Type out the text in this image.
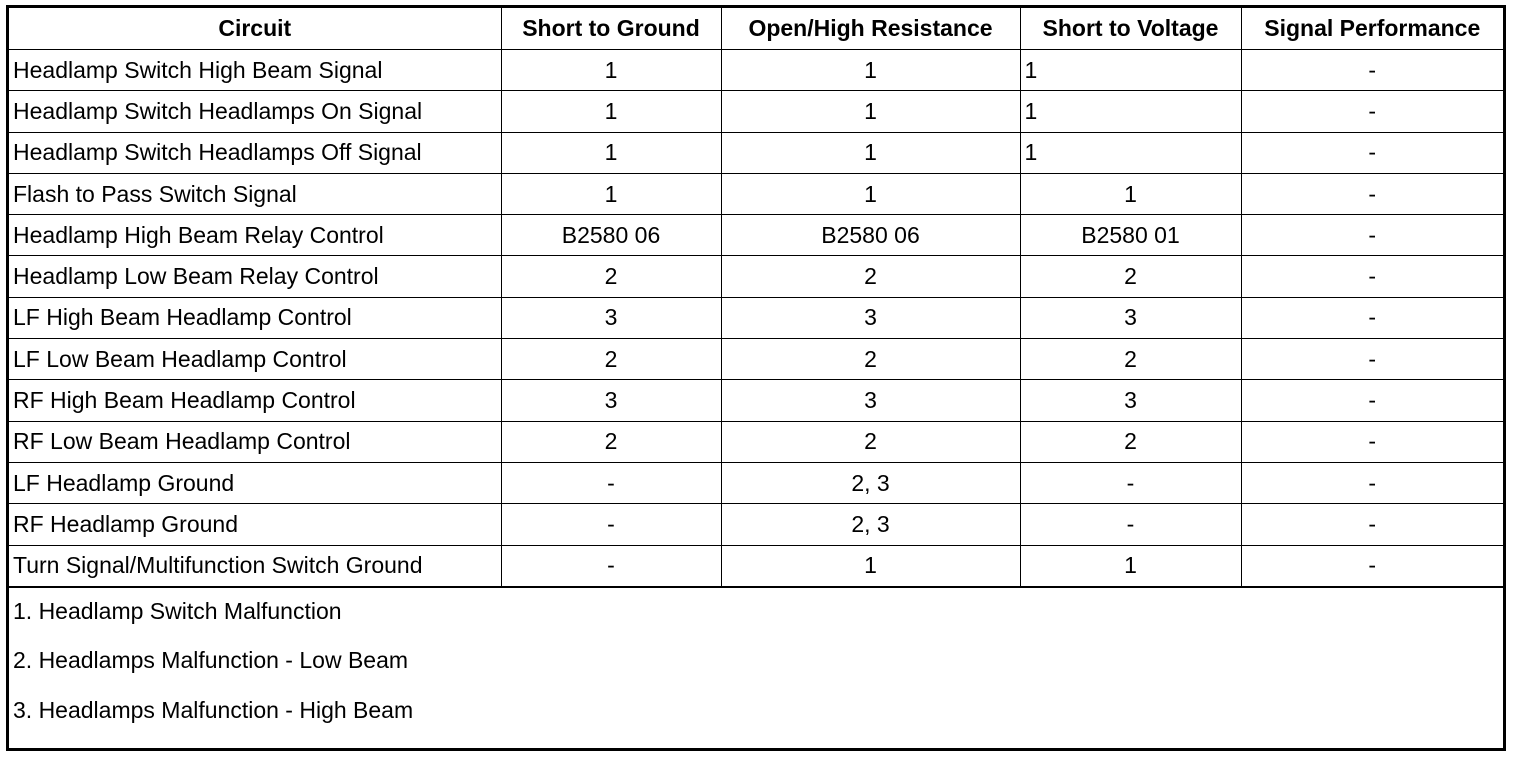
Circuit	Short to Ground	Open/High Resistance	Short to Voltage	Signal Performance
Headlamp Switch High Beam Signal	1	1	1	-
Headlamp Switch Headlamps On Signal	1	1	1	-
Headlamp Switch Headlamps Off Signal	1	1	1	-
Flash to Pass Switch Signal	1	1	1	-
Headlamp High Beam Relay Control	B2580 06	B2580 06	B2580 01	-
Headlamp Low Beam Relay Control	2	2	2	-
LF High Beam Headlamp Control	3	3	3	-
LF Low Beam Headlamp Control	2	2	2	-
RF High Beam Headlamp Control	3	3	3	-
RF Low Beam Headlamp Control	2	2	2	-
LF Headlamp Ground	-	2, 3	-	-
RF Headlamp Ground	-	2, 3	-	-
Turn Signal/Multifunction Switch Ground	-	1	1	-
1. Headlamp Switch Malfunction
2. Headlamps Malfunction - Low Beam
3. Headlamps Malfunction - High Beam
